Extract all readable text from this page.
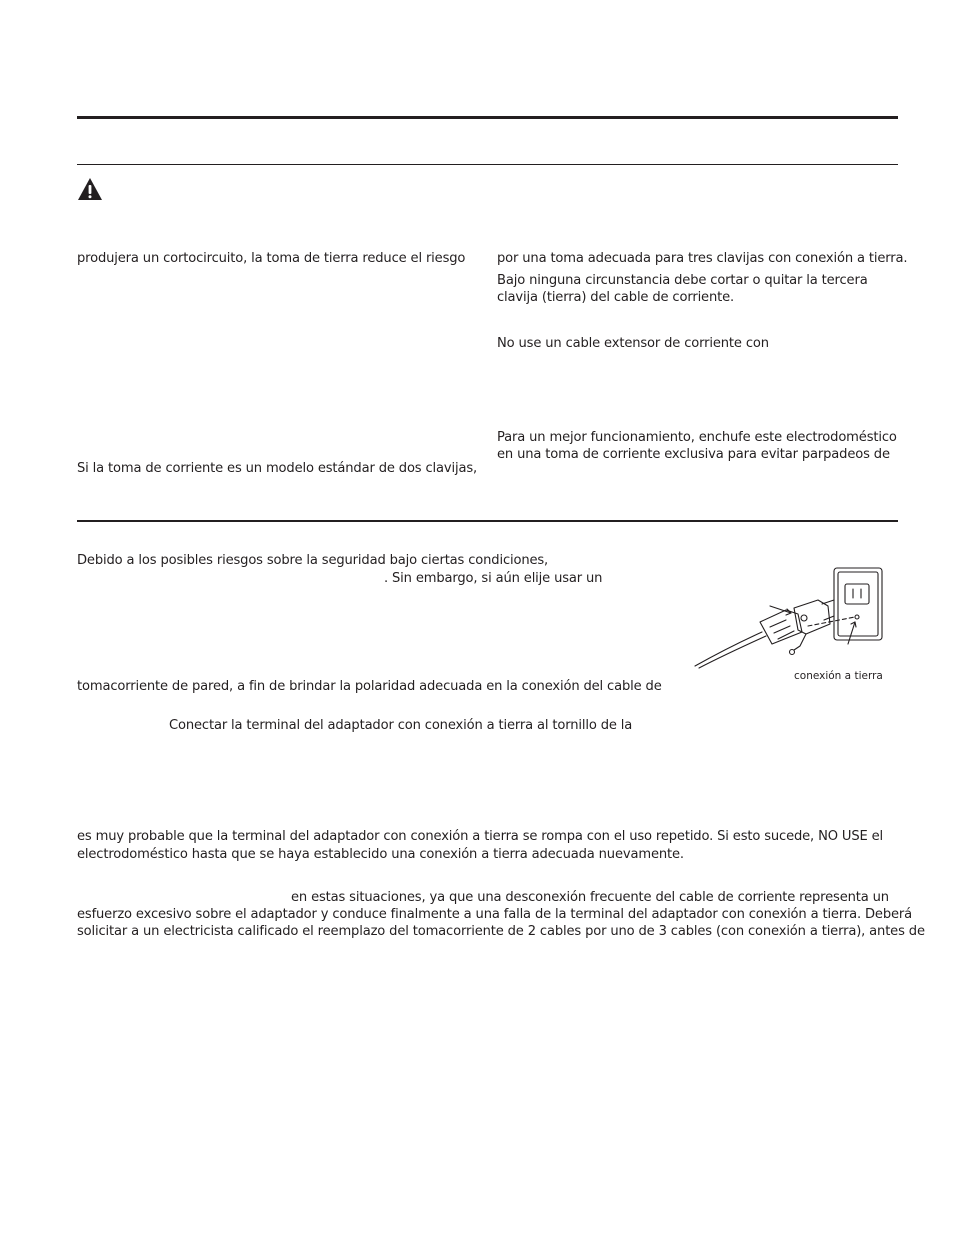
produjera un cortocircuito, la toma de tierra reduce el riesgo
Si la toma de corriente es un modelo estándar de dos clavijas,
por una toma adecuada para tres clavijas con conexión a tierra.
Bajo ninguna circunstancia debe cortar o quitar la tercera
clavija (tierra) del cable de corriente.
No use un cable extensor de corriente con
Para un mejor funcionamiento, enchufe este electrodoméstico
en una toma de corriente exclusiva para evitar parpadeos de
Debido a los posibles riesgos sobre la seguridad bajo ciertas condiciones,
. Sin embargo, si aún elije usar un
tomacorriente de pared, a fin de brindar la polaridad adecuada en la conexión del cable de
Conectar la terminal del adaptador con conexión a tierra al tornillo de la
es muy probable que la terminal del adaptador con conexión a tierra se rompa con el uso repetido. Si esto sucede, NO USE el
electrodoméstico hasta que se haya establecido una conexión a tierra adecuada nuevamente.
en estas situaciones, ya que una desconexión frecuente del cable de corriente representa un
esfuerzo excesivo sobre el adaptador y conduce finalmente a una falla de la terminal del adaptador con conexión a tierra. Deberá
solicitar a un electricista calificado el reemplazo del tomacorriente de 2 cables por uno de 3 cables (con conexión a tierra), antes de
conexión a tierra
